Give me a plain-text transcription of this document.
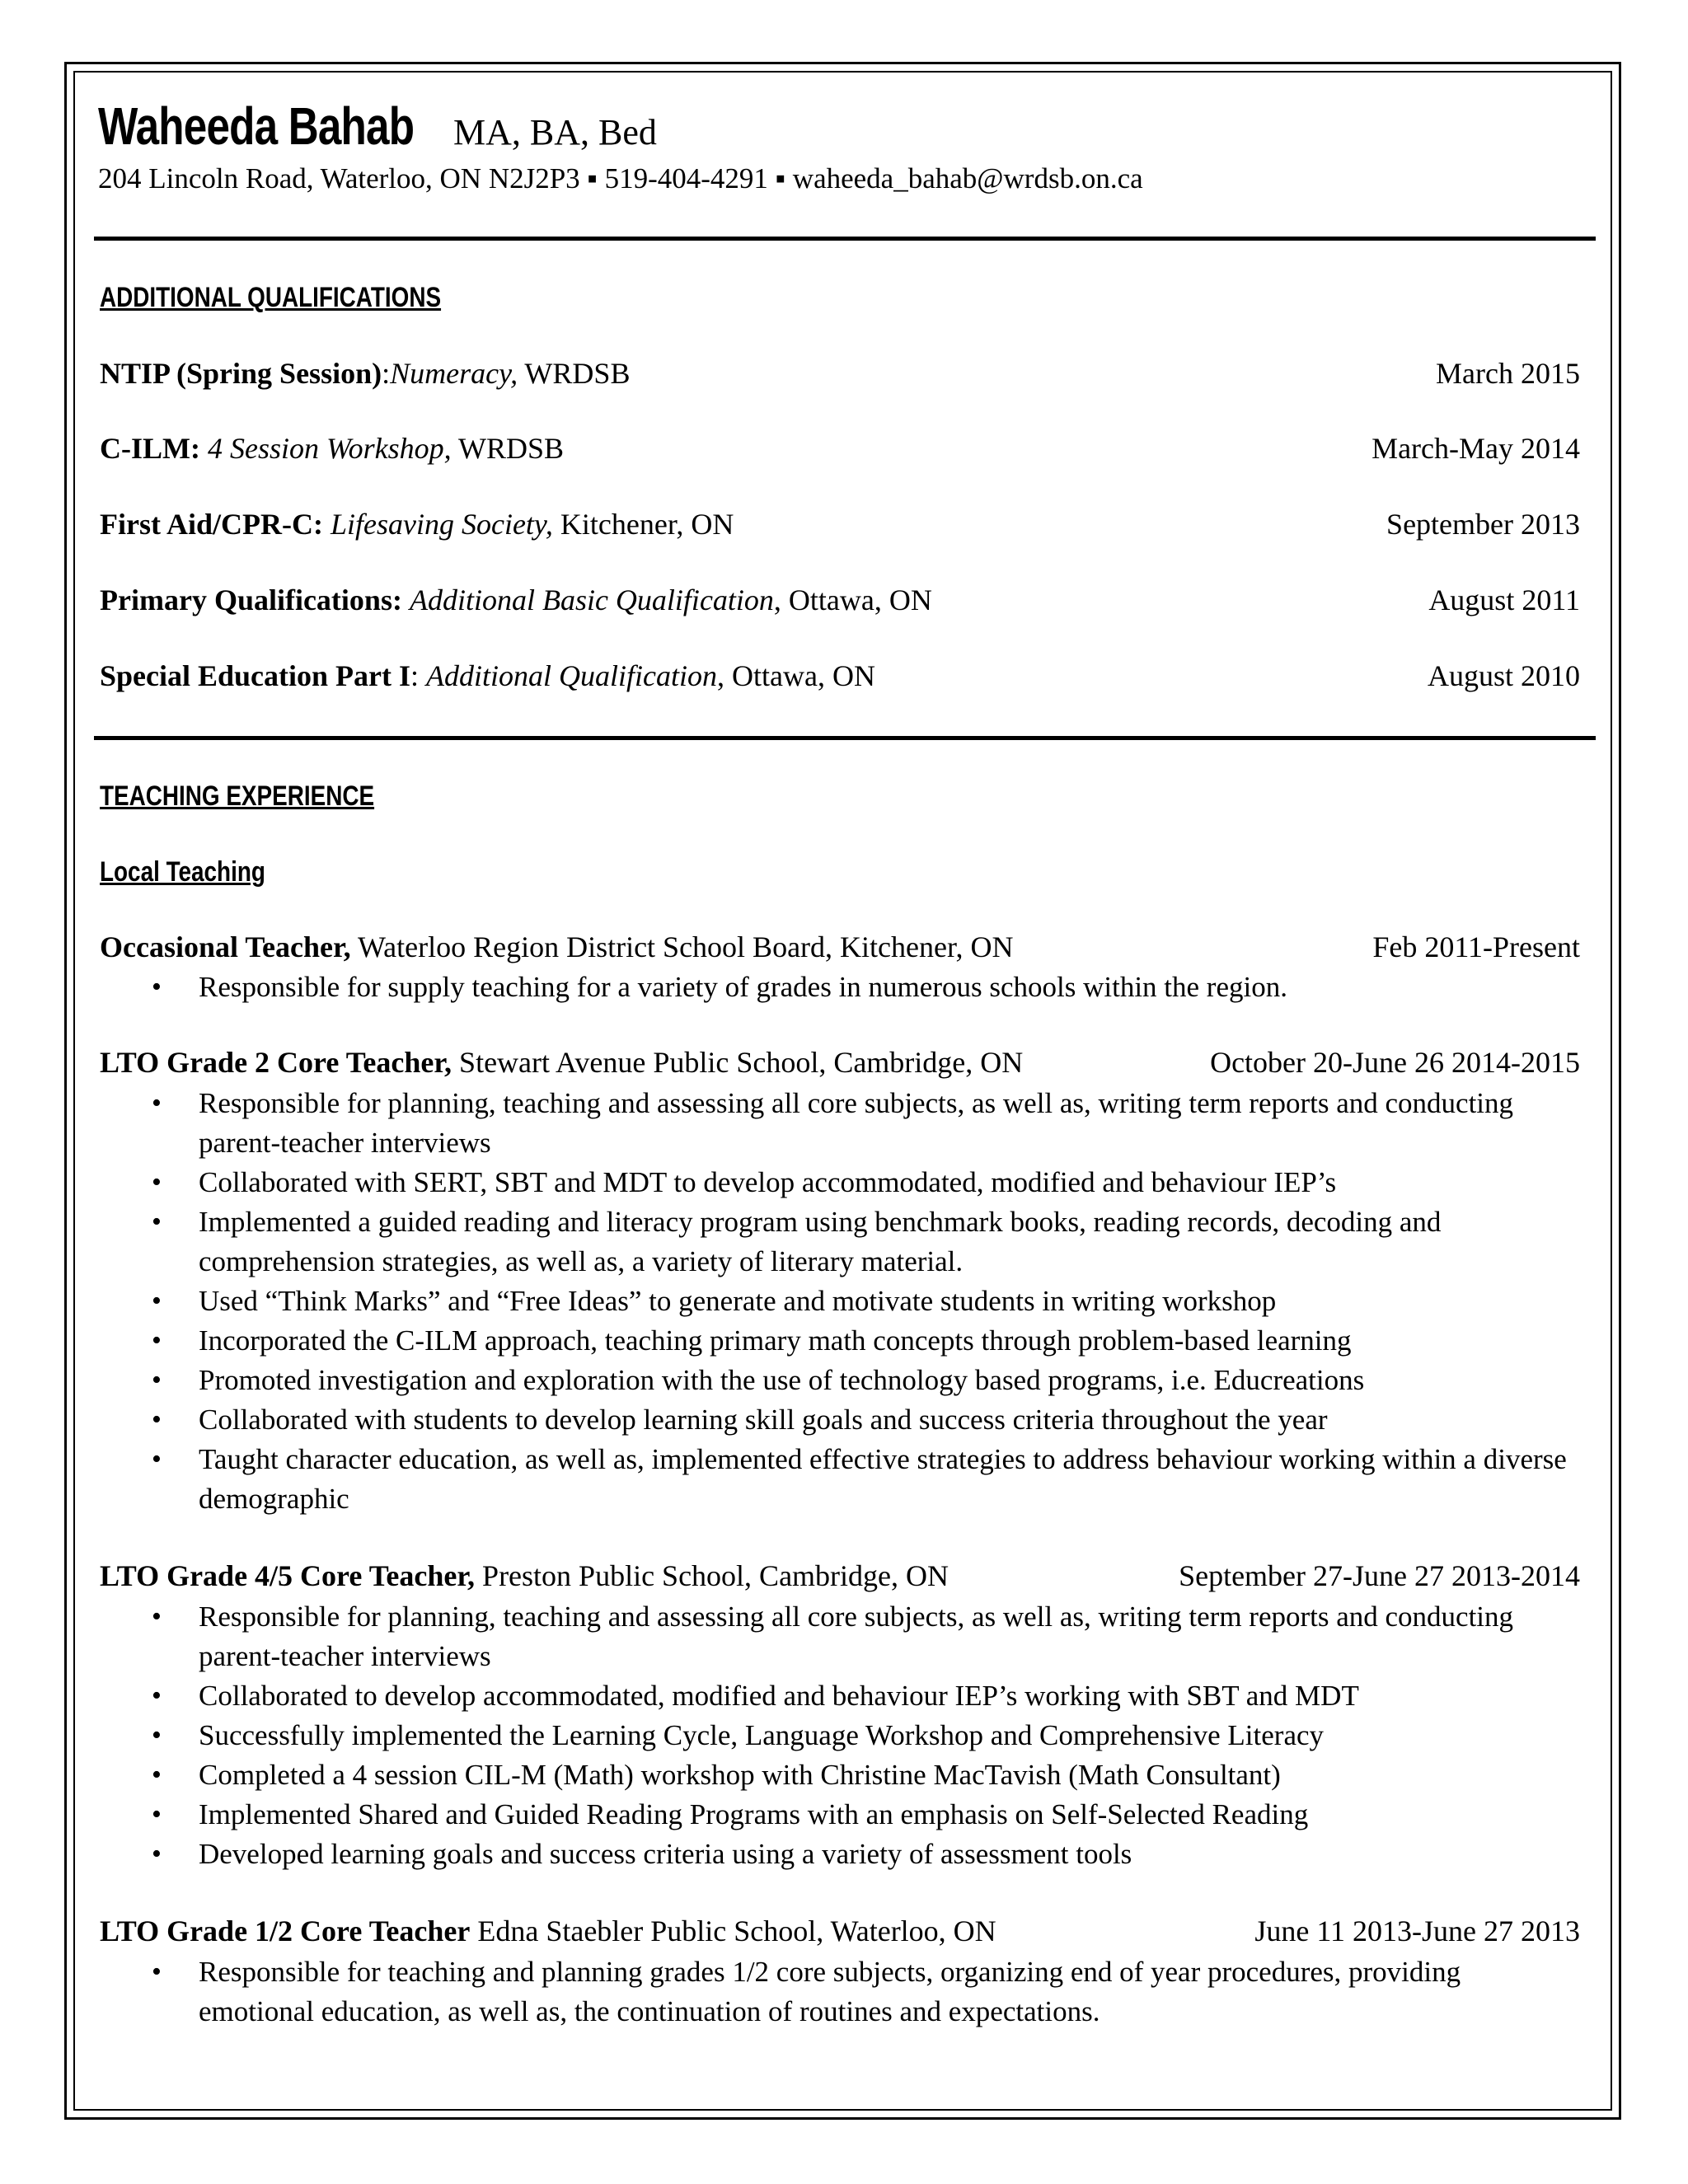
Waheeda Bahab MA, BA, Bed
204 Lincoln Road, Waterloo, ON N2J2P3 ▪ 519-404-4291 ▪ waheeda_bahab@wrdsb.on.ca
ADDITIONAL QUALIFICATIONS
NTIP (Spring Session):Numeracy, WRDSB	March 2015
C-ILM: 4 Session Workshop, WRDSB	March-May 2014
First Aid/CPR-C: Lifesaving Society, Kitchener, ON	September 2013
Primary Qualifications: Additional Basic Qualification, Ottawa, ON	August 2011
Special Education Part I: Additional Qualification, Ottawa, ON	August 2010
TEACHING EXPERIENCE
Local Teaching
Occasional Teacher, Waterloo Region District School Board, Kitchener, ON	Feb 2011-Present
• Responsible for supply teaching for a variety of grades in numerous schools within the region.
LTO Grade 2 Core Teacher, Stewart Avenue Public School, Cambridge, ON	October 20-June 26 2014-2015
• Responsible for planning, teaching and assessing all core subjects, as well as, writing term reports and conducting parent-teacher interviews
• Collaborated with SERT, SBT and MDT to develop accommodated, modified and behaviour IEP’s
• Implemented a guided reading and literacy program using benchmark books, reading records, decoding and comprehension strategies, as well as, a variety of literary material.
• Used “Think Marks” and “Free Ideas” to generate and motivate students in writing workshop
• Incorporated the C-ILM approach, teaching primary math concepts through problem-based learning
• Promoted investigation and exploration with the use of technology based programs, i.e. Educreations
• Collaborated with students to develop learning skill goals and success criteria throughout the year
• Taught character education, as well as, implemented effective strategies to address behaviour working within a diverse demographic
LTO Grade 4/5 Core Teacher, Preston Public School, Cambridge, ON	September 27-June 27 2013-2014
• Responsible for planning, teaching and assessing all core subjects, as well as, writing term reports and conducting parent-teacher interviews
• Collaborated to develop accommodated, modified and behaviour IEP’s working with SBT and MDT
• Successfully implemented the Learning Cycle, Language Workshop and Comprehensive Literacy
• Completed a 4 session CIL-M (Math) workshop with Christine MacTavish (Math Consultant)
• Implemented Shared and Guided Reading Programs with an emphasis on Self-Selected Reading
• Developed learning goals and success criteria using a variety of assessment tools
LTO Grade 1/2 Core Teacher Edna Staebler Public School, Waterloo, ON	June 11 2013-June 27 2013
• Responsible for teaching and planning grades 1/2 core subjects, organizing end of year procedures, providing emotional education, as well as, the continuation of routines and expectations.
